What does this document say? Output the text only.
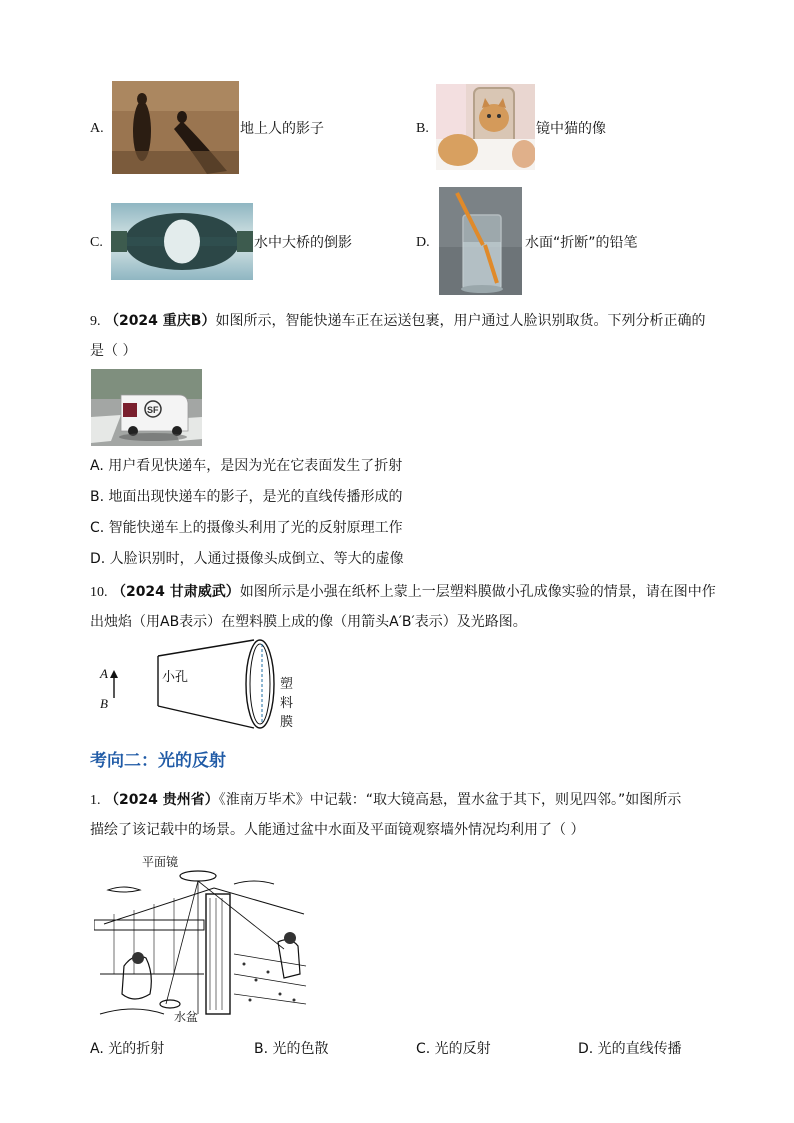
A.	地上人的影子	B.	镜中猫的像
C.	水中大桥的倒影	D.	水面“折断”的铅笔
9. （2024 重庆B）如图所示，智能快递车正在运送包裹，用户通过人脸识别取货。下列分析正确的
是（ ）
SF
A. 用户看见快递车，是因为光在它表面发生了折射
B. 地面出现快递车的影子，是光的直线传播形成的
C. 智能快递车上的摄像头利用了光的反射原理工作
D. 人脸识别时，人通过摄像头成倒立、等大的虚像
10. （2024 甘肃威武）如图所示是小强在纸杯上蒙上一层塑料膜做小孔成像实验的情景，请在图中作
出烛焰（用AB表示）在塑料膜上成的像（用箭头A′B′表示）及光路图。
A
B
小孔	塑
料
膜
考向二：光的反射
1. （2024 贵州省）《淮南万毕术》中记载：“取大镜高悬，置水盆于其下，则见四邻。”如图所示
描绘了该记载中的场景。人能通过盆中水面及平面镜观察墙外情况均利用了（ ）
平面镜
水盆
A. 光的折射	B. 光的色散	C. 光的反射	D. 光的直线传播
